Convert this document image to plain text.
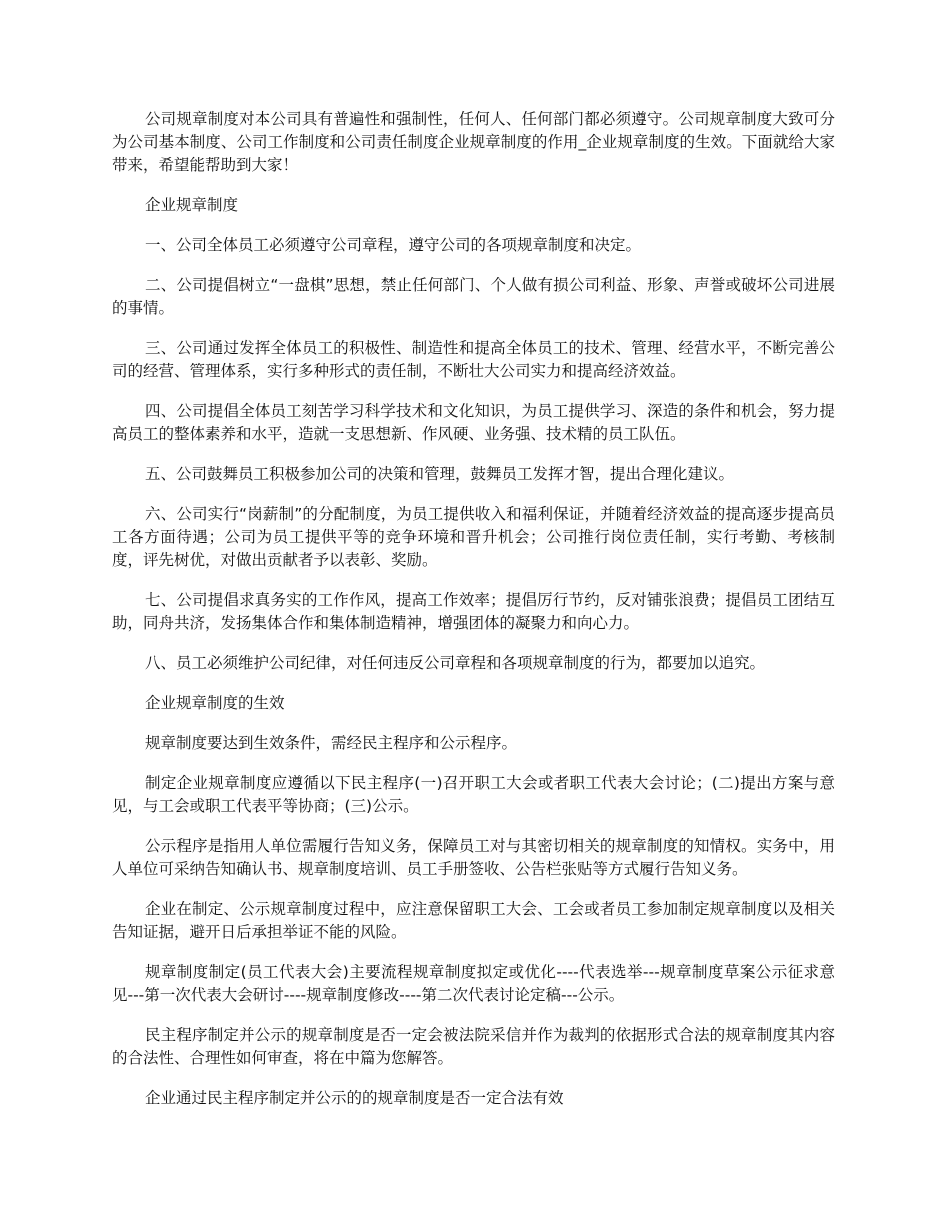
公司规章制度对本公司具有普遍性和强制性，任何人、任何部门都必须遵守。公司规章制度大致可分为公司基本制度、公司工作制度和公司责任制度企业规章制度的作用_企业规章制度的生效。下面就给大家带来，希望能帮助到大家！

企业规章制度

一、公司全体员工必须遵守公司章程，遵守公司的各项规章制度和决定。

二、公司提倡树立“一盘棋”思想，禁止任何部门、个人做有损公司利益、形象、声誉或破坏公司进展的事情。

三、公司通过发挥全体员工的积极性、制造性和提高全体员工的技术、管理、经营水平，不断完善公司的经营、管理体系，实行多种形式的责任制，不断壮大公司实力和提高经济效益。

四、公司提倡全体员工刻苦学习科学技术和文化知识，为员工提供学习、深造的条件和机会，努力提高员工的整体素养和水平，造就一支思想新、作风硬、业务强、技术精的员工队伍。

五、公司鼓舞员工积极参加公司的决策和管理，鼓舞员工发挥才智，提出合理化建议。

六、公司实行“岗薪制”的分配制度，为员工提供收入和福利保证，并随着经济效益的提高逐步提高员工各方面待遇；公司为员工提供平等的竞争环境和晋升机会；公司推行岗位责任制，实行考勤、考核制度，评先树优，对做出贡献者予以表彰、奖励。

七、公司提倡求真务实的工作作风，提高工作效率；提倡厉行节约，反对铺张浪费；提倡员工团结互助，同舟共济，发扬集体合作和集体制造精神，增强团体的凝聚力和向心力。

八、员工必须维护公司纪律，对任何违反公司章程和各项规章制度的行为，都要加以追究。

企业规章制度的生效

规章制度要达到生效条件，需经民主程序和公示程序。

制定企业规章制度应遵循以下民主程序(一)召开职工大会或者职工代表大会讨论；(二)提出方案与意见，与工会或职工代表平等协商；(三)公示。

公示程序是指用人单位需履行告知义务，保障员工对与其密切相关的规章制度的知情权。实务中，用人单位可采纳告知确认书、规章制度培训、员工手册签收、公告栏张贴等方式履行告知义务。

企业在制定、公示规章制度过程中，应注意保留职工大会、工会或者员工参加制定规章制度以及相关告知证据，避开日后承担举证不能的风险。

规章制度制定(员工代表大会)主要流程规章制度拟定或优化----代表选举---规章制度草案公示征求意见---第一次代表大会研讨----规章制度修改----第二次代表讨论定稿---公示。

民主程序制定并公示的规章制度是否一定会被法院采信并作为裁判的依据形式合法的规章制度其内容的合法性、合理性如何审查，将在中篇为您解答。

企业通过民主程序制定并公示的的规章制度是否一定合法有效
